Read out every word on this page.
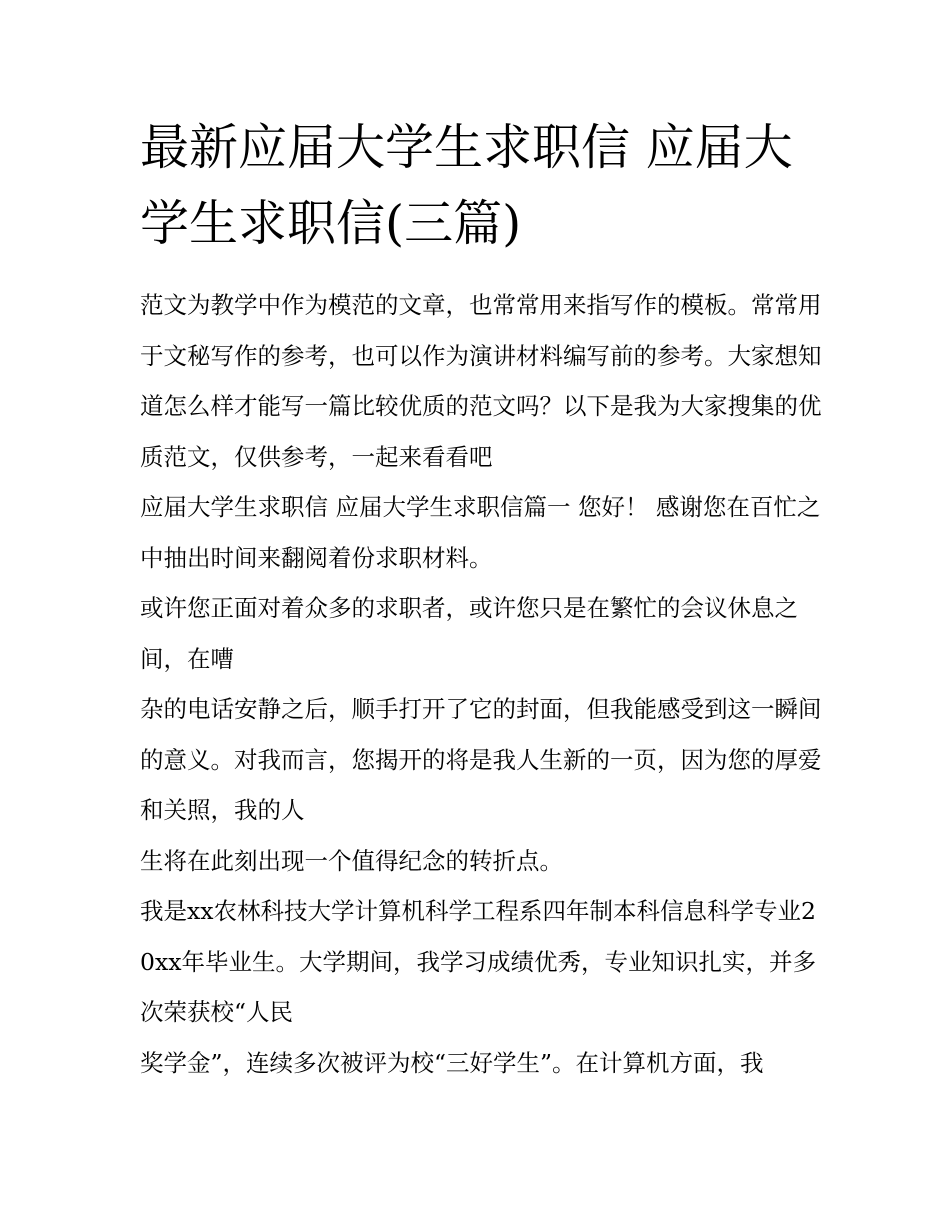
最新应届大学生求职信 应届大学生求职信(三篇)

范文为教学中作为模范的文章，也常常用来指写作的模板。常常用于文秘写作的参考，也可以作为演讲材料编写前的参考。大家想知道怎么样才能写一篇比较优质的范文吗？以下是我为大家搜集的优质范文，仅供参考，一起来看看吧

应届大学生求职信 应届大学生求职信篇一 您好！ 感谢您在百忙之中抽出时间来翻阅着份求职材料。

或许您正面对着众多的求职者，或许您只是在繁忙的会议休息之间，在嘈

杂的电话安静之后，顺手打开了它的封面，但我能感受到这一瞬间的意义。对我而言，您揭开的将是我人生新的一页，因为您的厚爱和关照，我的人

生将在此刻出现一个值得纪念的转折点。

我是xx农林科技大学计算机科学工程系四年制本科信息科学专业20xx年毕业生。大学期间，我学习成绩优秀，专业知识扎实，并多次荣获校“人民

奖学金”，连续多次被评为校“三好学生”。在计算机方面，我
